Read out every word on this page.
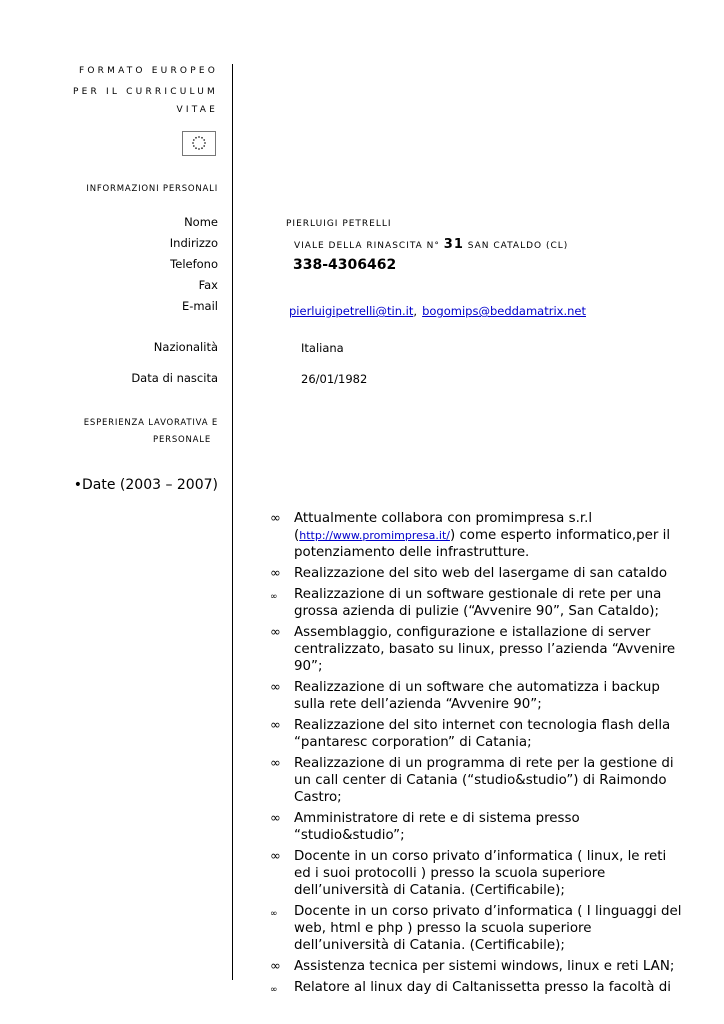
FORMATO EUROPEO
PER IL CURRICULUM
VITAE
INFORMAZIONI PERSONALI
Nome
Indirizzo
Telefono
Fax
E-mail
Nazionalità
Data di nascita
PIERLUIGI PETRELLI
VIALE DELLA RINASCITA N° 31 SAN CATALDO (CL)
338-4306462
pierluigipetrelli@tin.it, bogomips@beddamatrix.net
Italiana
26/01/1982
ESPERIENZA LAVORATIVA E
PERSONALE
•Date (2003 – 2007)
∞ Attualmente collabora con promimpresa s.r.l
(http://www.promimpresa.it/) come esperto informatico,per il potenziamento delle infrastrutture.
∞ Realizzazione del sito web del lasergame di san cataldo
∞ Realizzazione di un software gestionale di rete per una grossa azienda di pulizie (“Avvenire 90”, San Cataldo);
∞ Assemblaggio, configurazione e istallazione di server centralizzato, basato su linux, presso l’azienda “Avvenire 90”;
∞ Realizzazione di un software che automatizza i backup sulla rete dell’azienda “Avvenire 90”;
∞ Realizzazione del sito internet con tecnologia flash della “pantaresc corporation” di Catania;
∞ Realizzazione di un programma di rete per la gestione di un call center di Catania (“studio&studio”) di Raimondo Castro;
∞ Amministratore di rete e di sistema presso “studio&studio”;
∞ Docente in un corso privato d’informatica ( linux, le reti ed i suoi protocolli ) presso la scuola superiore dell’università di Catania. (Certificabile);
∞ Docente in un corso privato d’informatica ( I linguaggi del web, html e php ) presso la scuola superiore dell’università di Catania. (Certificabile);
∞ Assistenza tecnica per sistemi windows, linux e reti LAN;
∞ Relatore al linux day di Caltanissetta presso la facoltà di
